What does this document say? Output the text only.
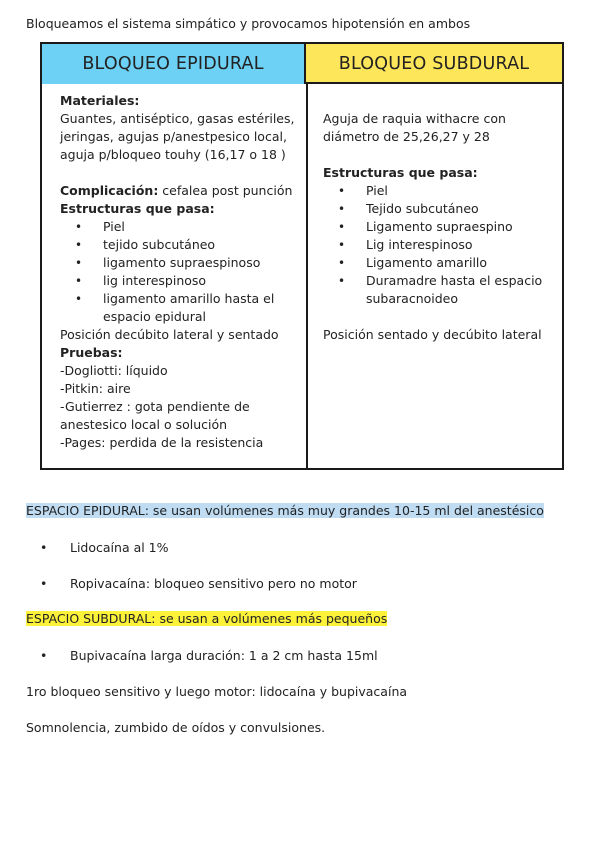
Bloqueamos el sistema simpático y provocamos hipotensión en ambos
BLOQUEO EPIDURAL	BLOQUEO SUBDURAL
Materiales:
Guantes, antiséptico, gasas estériles, jeringas, agujas p/anestpesico local, aguja p/bloqueo touhy (16,17 o 18 )
Complicación: cefalea post punción
Estructuras que pasa:
• Piel
• tejido subcutáneo
• ligamento supraespinoso
• lig interespinoso
• ligamento amarillo hasta el espacio epidural
Posición decúbito lateral y sentado
Pruebas:
-Dogliotti: líquido
-Pitkin: aire
-Gutierrez : gota pendiente de anestesico local o solución
-Pages: perdida de la resistencia
Aguja de raquia withacre con diámetro de 25,26,27 y 28
Estructuras que pasa:
• Piel
• Tejido subcutáneo
• Ligamento supraespino
• Lig interespinoso
• Ligamento amarillo
• Duramadre hasta el espacio subaracnoideo
Posición sentado y decúbito lateral
ESPACIO EPIDURAL: se usan volúmenes más muy grandes 10-15 ml del anestésico
• Lidocaína al 1%
• Ropivacaína: bloqueo sensitivo pero no motor
ESPACIO SUBDURAL: se usan a volúmenes más pequeños
• Bupivacaína larga duración: 1 a 2 cm hasta 15ml
1ro bloqueo sensitivo y luego motor: lidocaína y bupivacaína
Somnolencia, zumbido de oídos y convulsiones.
